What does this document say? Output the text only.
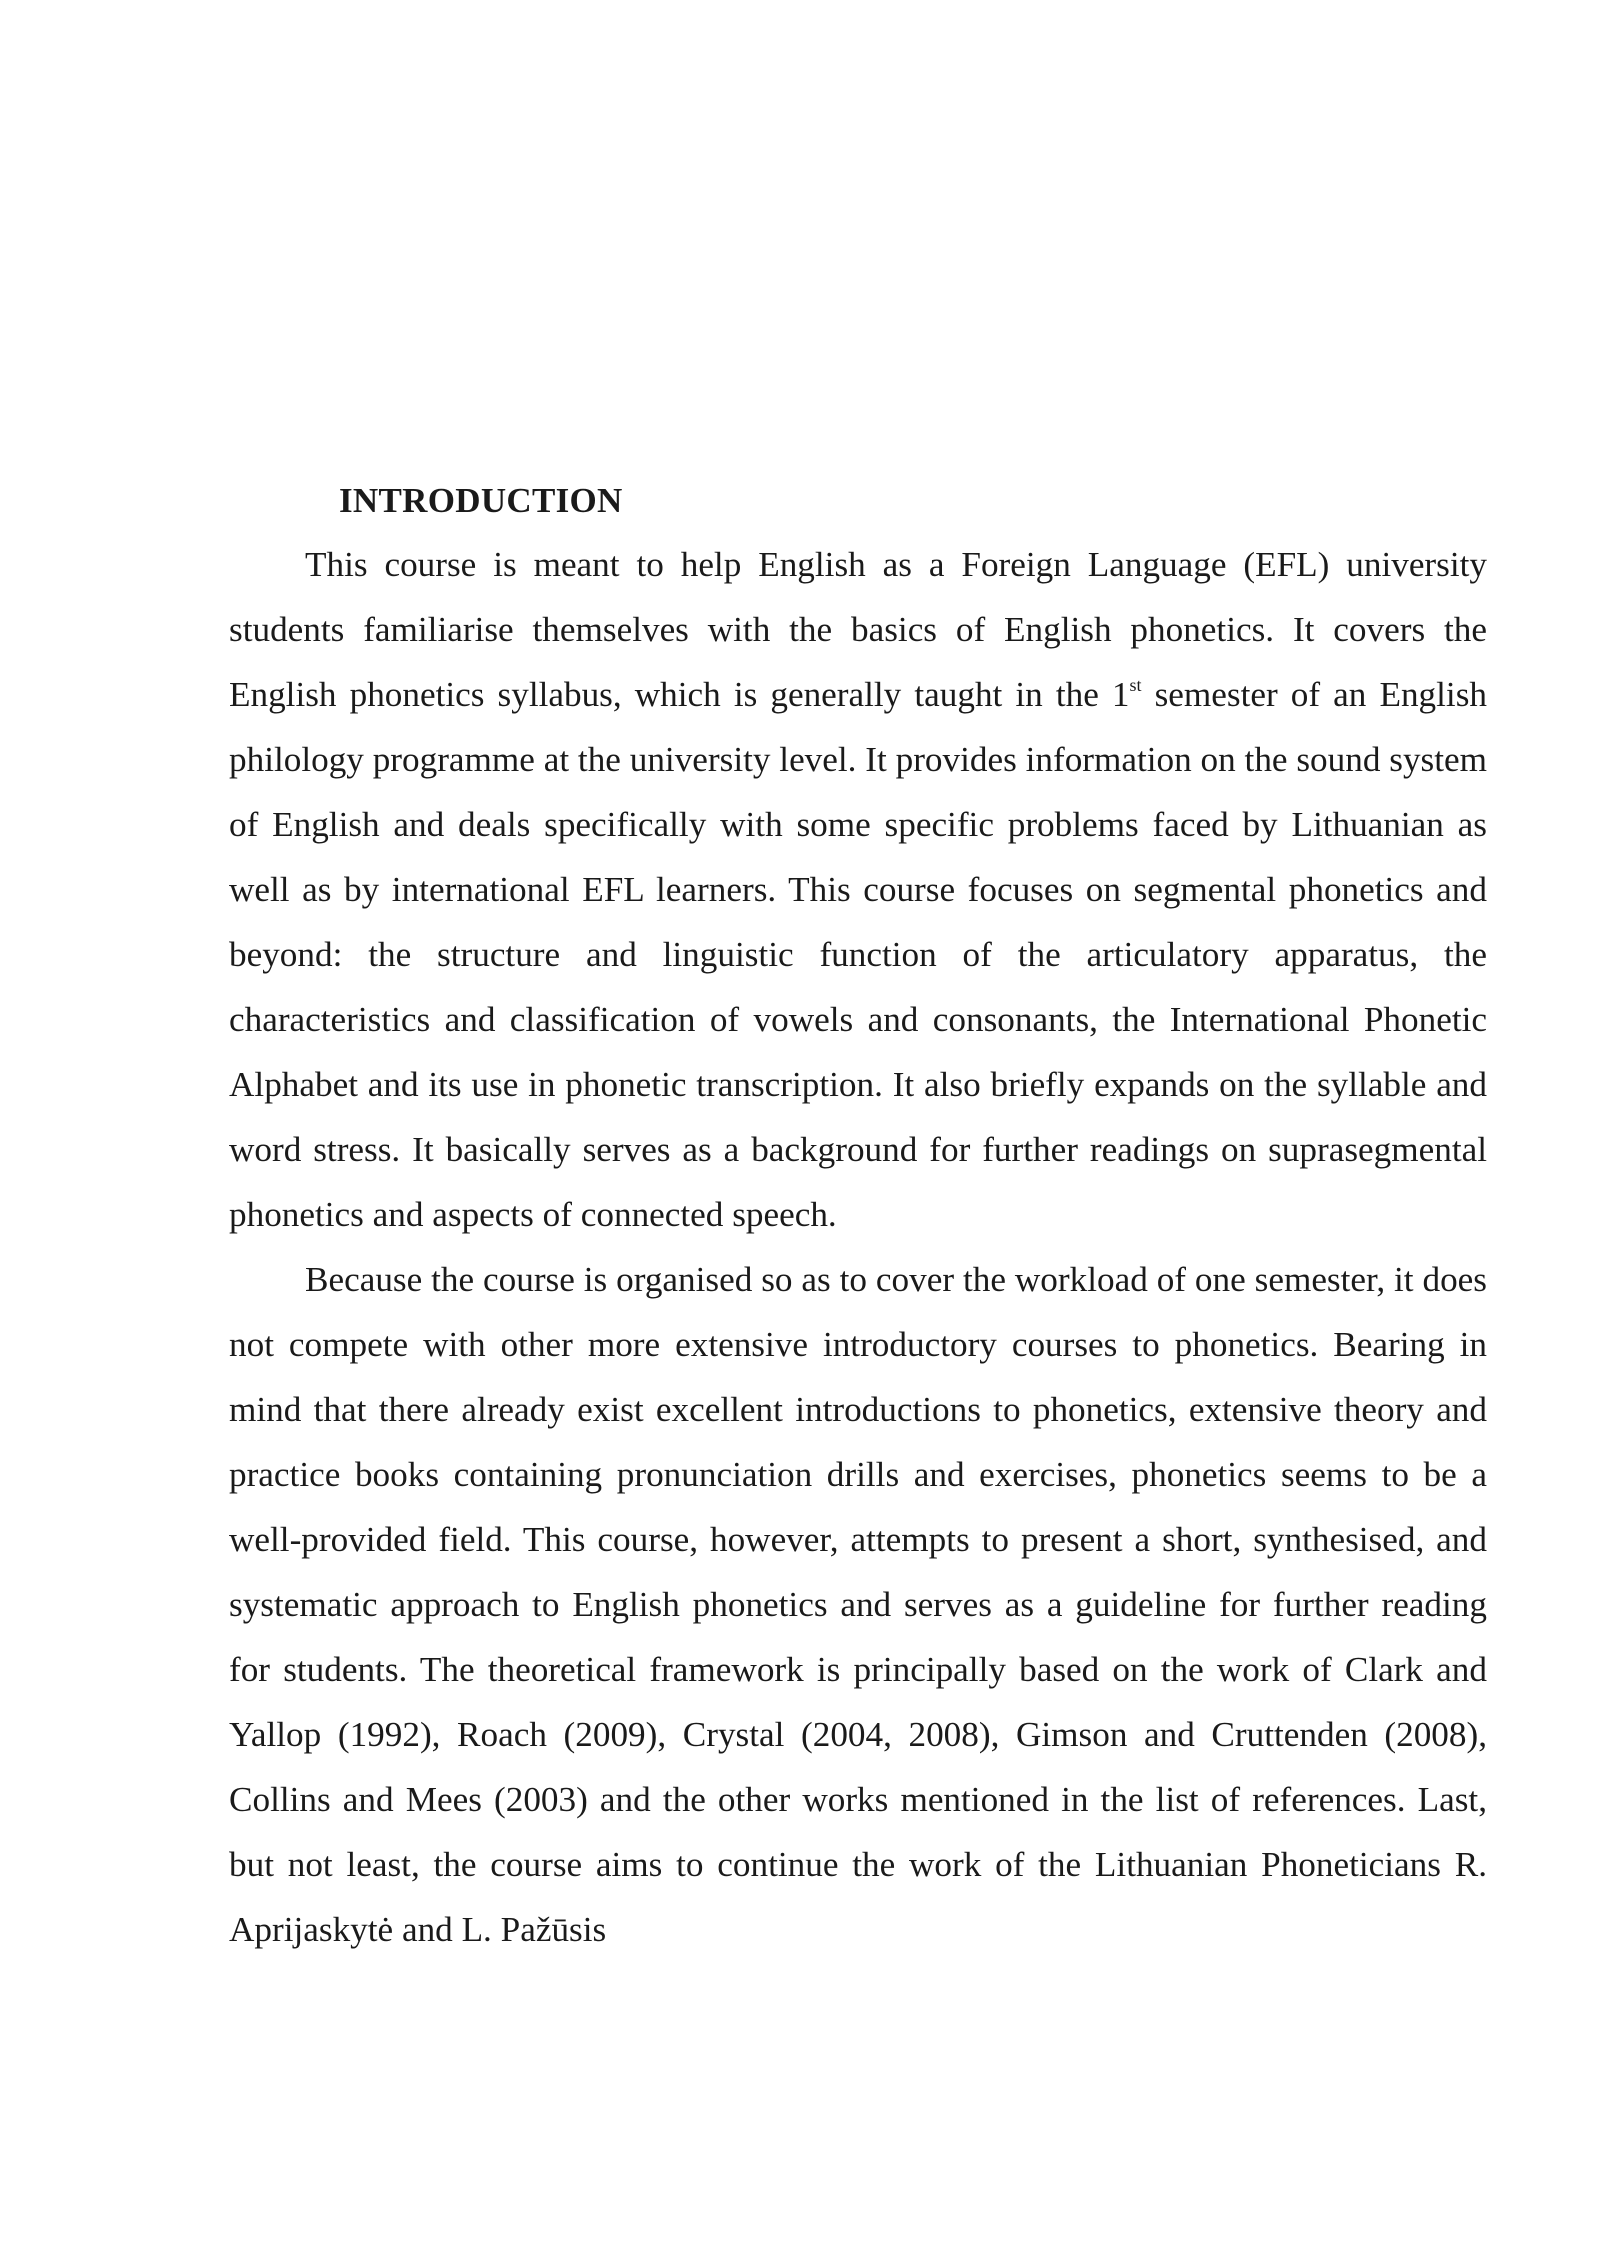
INTRODUCTION

This course is meant to help English as a Foreign Language (EFL) university students familiarise themselves with the basics of English phonetics. It covers the English phonetics syllabus, which is generally taught in the 1st semester of an English philology programme at the university level. It provides information on the sound system of English and deals specifically with some specific problems faced by Lithuanian as well as by international EFL learners. This course focuses on segmental phonetics and beyond: the structure and linguistic function of the articulatory apparatus, the characteristics and classification of vowels and consonants, the International Phonetic Alphabet and its use in phonetic transcription. It also briefly expands on the syllable and word stress. It basically serves as a background for further readings on suprasegmental phonetics and aspects of connected speech.

Because the course is organised so as to cover the workload of one semester, it does not compete with other more extensive introductory courses to phonetics. Bearing in mind that there already exist excellent introductions to phonetics, extensive theory and practice books containing pronunciation drills and exercises, phonetics seems to be a well-provided field. This course, however, attempts to present a short, synthesised, and systematic approach to English phonetics and serves as a guideline for further reading for students. The theoretical framework is principally based on the work of Clark and Yallop (1992), Roach (2009), Crystal (2004, 2008), Gimson and Cruttenden (2008), Collins and Mees (2003) and the other works mentioned in the list of references. Last, but not least, the course aims to continue the work of the Lithuanian Phoneticians R. Aprijaskytė and L. Pažūsis
